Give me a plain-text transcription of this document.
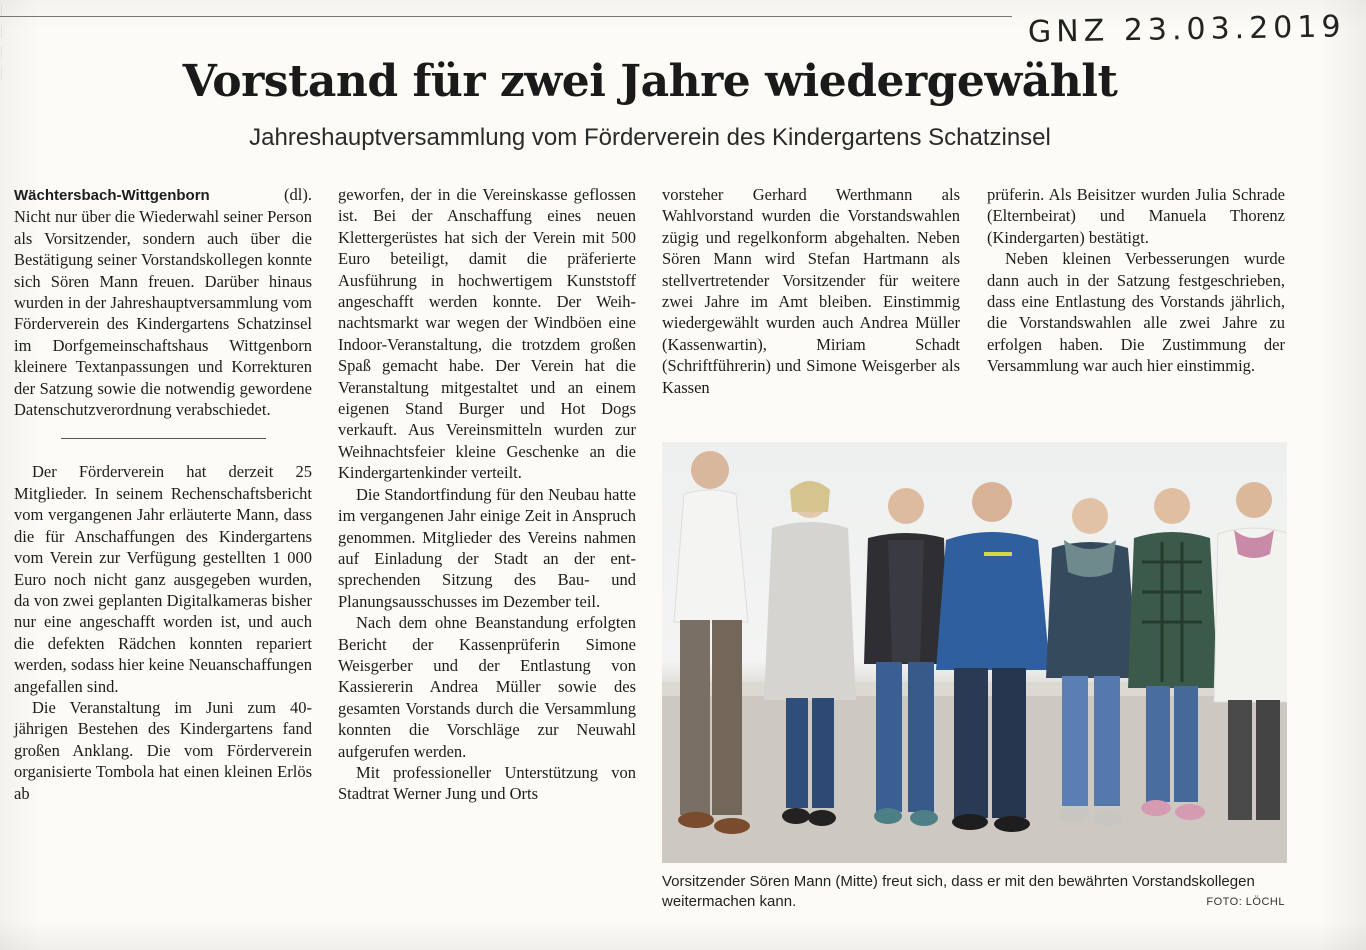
|
|
|
|
GNZ 23.03.2019
Vorstand für zwei Jahre wiedergewählt
Jahreshauptversammlung vom Förderverein des Kindergartens Schatzinsel

Wächtersbach-Wittgenborn	(dl).
Nicht nur über die Wiederwahl seiner Person als Vorsitzender, sondern auch über die Bestätigung seiner Vorstandskollegen konnte sich Sören Mann freuen. Darüber hinaus wurden in der Jahreshauptversammlung vom Förderverein des Kindergartens Schatzinsel im Dorfgemeinschaftshaus Wittgenborn kleinere Textanpassungen und Korrekturen der Satzung sowie die notwendig gewordene Datenschutzverordnung verabschiedet.

Der Förderverein hat derzeit 25 Mitglieder. In seinem Rechenschaftsbericht vom vergangenen Jahr erläuterte Mann, dass die für Anschaffungen des Kindergartens vom Verein zur Verfügung gestellten 1 000 Euro noch nicht ganz ausgegeben wurden, da von zwei geplanten Digitalkameras bisher nur eine angeschafft worden ist, und auch die defekten Rädchen konnten repariert werden, sodass hier keine Neuanschaffungen angefallen sind.

Die Veranstaltung im Juni zum 40-jährigen Bestehen des Kindergartens fand großen Anklang. Die vom Förderverein organisierte Tombola hat einen kleinen Erlös ab

geworfen, der in die Vereinskasse geflossen ist. Bei der Anschaffung eines neuen Klettergerüstes hat sich der Verein mit 500 Euro beteiligt, damit die präferierte Ausführung in hochwertigem Kunststoff angeschafft werden konnte. Der Weihnachtsmarkt war wegen der Windböen eine Indoor-Veranstaltung, die trotzdem großen Spaß gemacht habe. Der Verein hat die Veranstaltung mitgestaltet und an einem eigenen Stand Burger und Hot Dogs verkauft. Aus Vereinsmitteln wurden zur Weihnachtsfeier kleine Geschenke an die Kindergartenkinder verteilt.

Die Standortfindung für den Neubau hatte im vergangenen Jahr einige Zeit in Anspruch genommen. Mitglieder des Vereins nahmen auf Einladung der Stadt an der entsprechenden Sitzung des Bau- und Planungsausschusses im Dezember teil.

Nach dem ohne Beanstandung erfolgten Bericht der Kassenprüferin Simone Weisgerber und der Entlastung von Kassiererin Andrea Müller sowie des gesamten Vorstands durch die Versammlung konnten die Vorschläge zur Neuwahl aufgerufen werden.

Mit professioneller Unterstützung von Stadtrat Werner Jung und Orts

vorsteher Gerhard Werthmann als Wahlvorstand wurden die Vorstandswahlen zügig und regelkonform abgehalten. Neben Sören Mann wird Stefan Hartmann als stellvertretender Vorsitzender für weitere zwei Jahre im Amt bleiben. Einstimmig wiedergewählt wurden auch Andrea Müller (Kassenwartin), Miriam Schadt (Schriftführerin) und Simone Weisgerber als Kassen

prüferin. Als Beisitzer wurden Julia Schrade (Elternbeirat) und Manuela Thorenz (Kindergarten) bestätigt.

Neben kleinen Verbesserungen wurde dann auch in der Satzung festgeschrieben, dass eine Entlastung des Vorstands jährlich, die Vorstandswahlen alle zwei Jahre zu erfolgen haben. Die Zustimmung der Versammlung war auch hier einstimmig.

Vorsitzender Sören Mann (Mitte) freut sich, dass er mit den bewährten Vorstandskollegen weitermachen kann.	FOTO: LÖCHL
